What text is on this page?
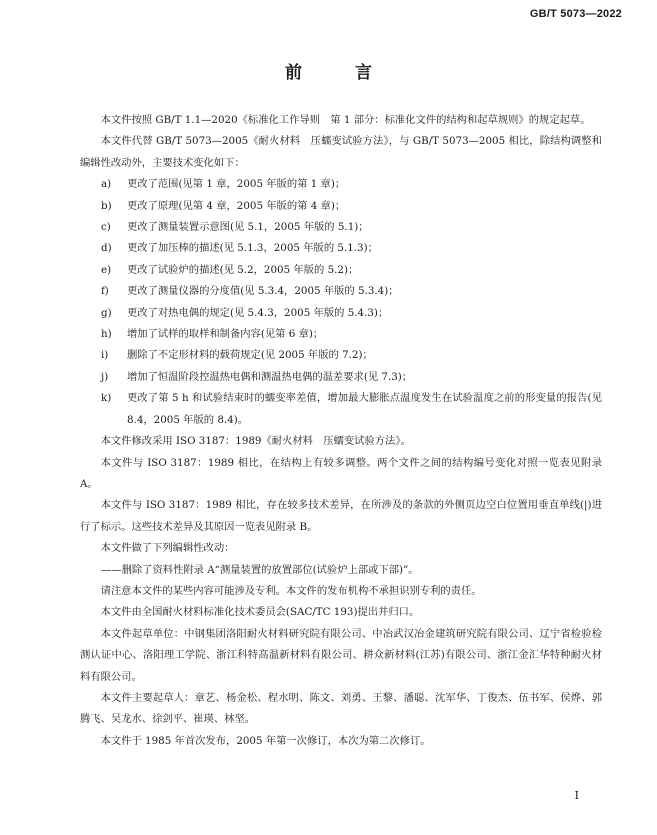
GB/T 5073—2022
前　言

本文件按照 GB/T 1.1—2020《标准化工作导则　第 1 部分：标准化文件的结构和起草规则》的规定起草。

本文件代替 GB/T 5073—2005《耐火材料　压蠕变试验方法》，与 GB/T 5073—2005 相比，除结构调整和编辑性改动外，主要技术变化如下：

a)	更改了范围(见第 1 章，2005 年版的第 1 章)；
b)	更改了原理(见第 4 章，2005 年版的第 4 章)；
c)	更改了测量装置示意图(见 5.1，2005 年版的 5.1)；
d)	更改了加压棒的描述(见 5.1.3，2005 年版的 5.1.3)；
e)	更改了试验炉的描述(见 5.2，2005 年版的 5.2)；
f)	更改了测量仪器的分度值(见 5.3.4，2005 年版的 5.3.4)；
g)	更改了对热电偶的规定(见 5.4.3，2005 年版的 5.4.3)；
h)	增加了试样的取样和制备内容(见第 6 章)；
i)	删除了不定形材料的载荷规定(见 2005 年版的 7.2)；
j)	增加了恒温阶段控温热电偶和测温热电偶的温差要求(见 7.3)；
k)	更改了第 5 h 和试验结束时的蠕变率差值，增加最大膨胀点温度发生在试验温度之前的形变量的报告(见 8.4，2005 年版的 8.4)。

本文件修改采用 ISO 3187：1989《耐火材料　压蠕变试验方法》。

本文件与 ISO 3187：1989 相比，在结构上有较多调整。两个文件之间的结构编号变化对照一览表见附录 A。

本文件与 ISO 3187：1989 相比，存在较多技术差异，在所涉及的条款的外侧页边空白位置用垂直单线(|)进行了标示。这些技术差异及其原因一览表见附录 B。

本文件做了下列编辑性改动：

——删除了资料性附录 A“测量装置的放置部位(试验炉上部或下部)”。

请注意本文件的某些内容可能涉及专利。本文件的发布机构不承担识别专利的责任。

本文件由全国耐火材料标准化技术委员会(SAC/TC 193)提出并归口。

本文件起草单位：中钢集团洛阳耐火材料研究院有限公司、中冶武汉冶金建筑研究院有限公司、辽宁省检验检测认证中心、洛阳理工学院、浙江科特高温新材料有限公司、耕众新材料(江苏)有限公司、浙江金汇华特种耐火材料有限公司。

本文件主要起草人：章艺、杨金松、程水明、陈文、刘勇、王黎、潘聪、沈军华、丁俊杰、伍书军、侯烨、郭腾飞、吴龙水、徐剑平、崔瑛、林坚。

本文件于 1985 年首次发布，2005 年第一次修订，本次为第二次修订。

I
